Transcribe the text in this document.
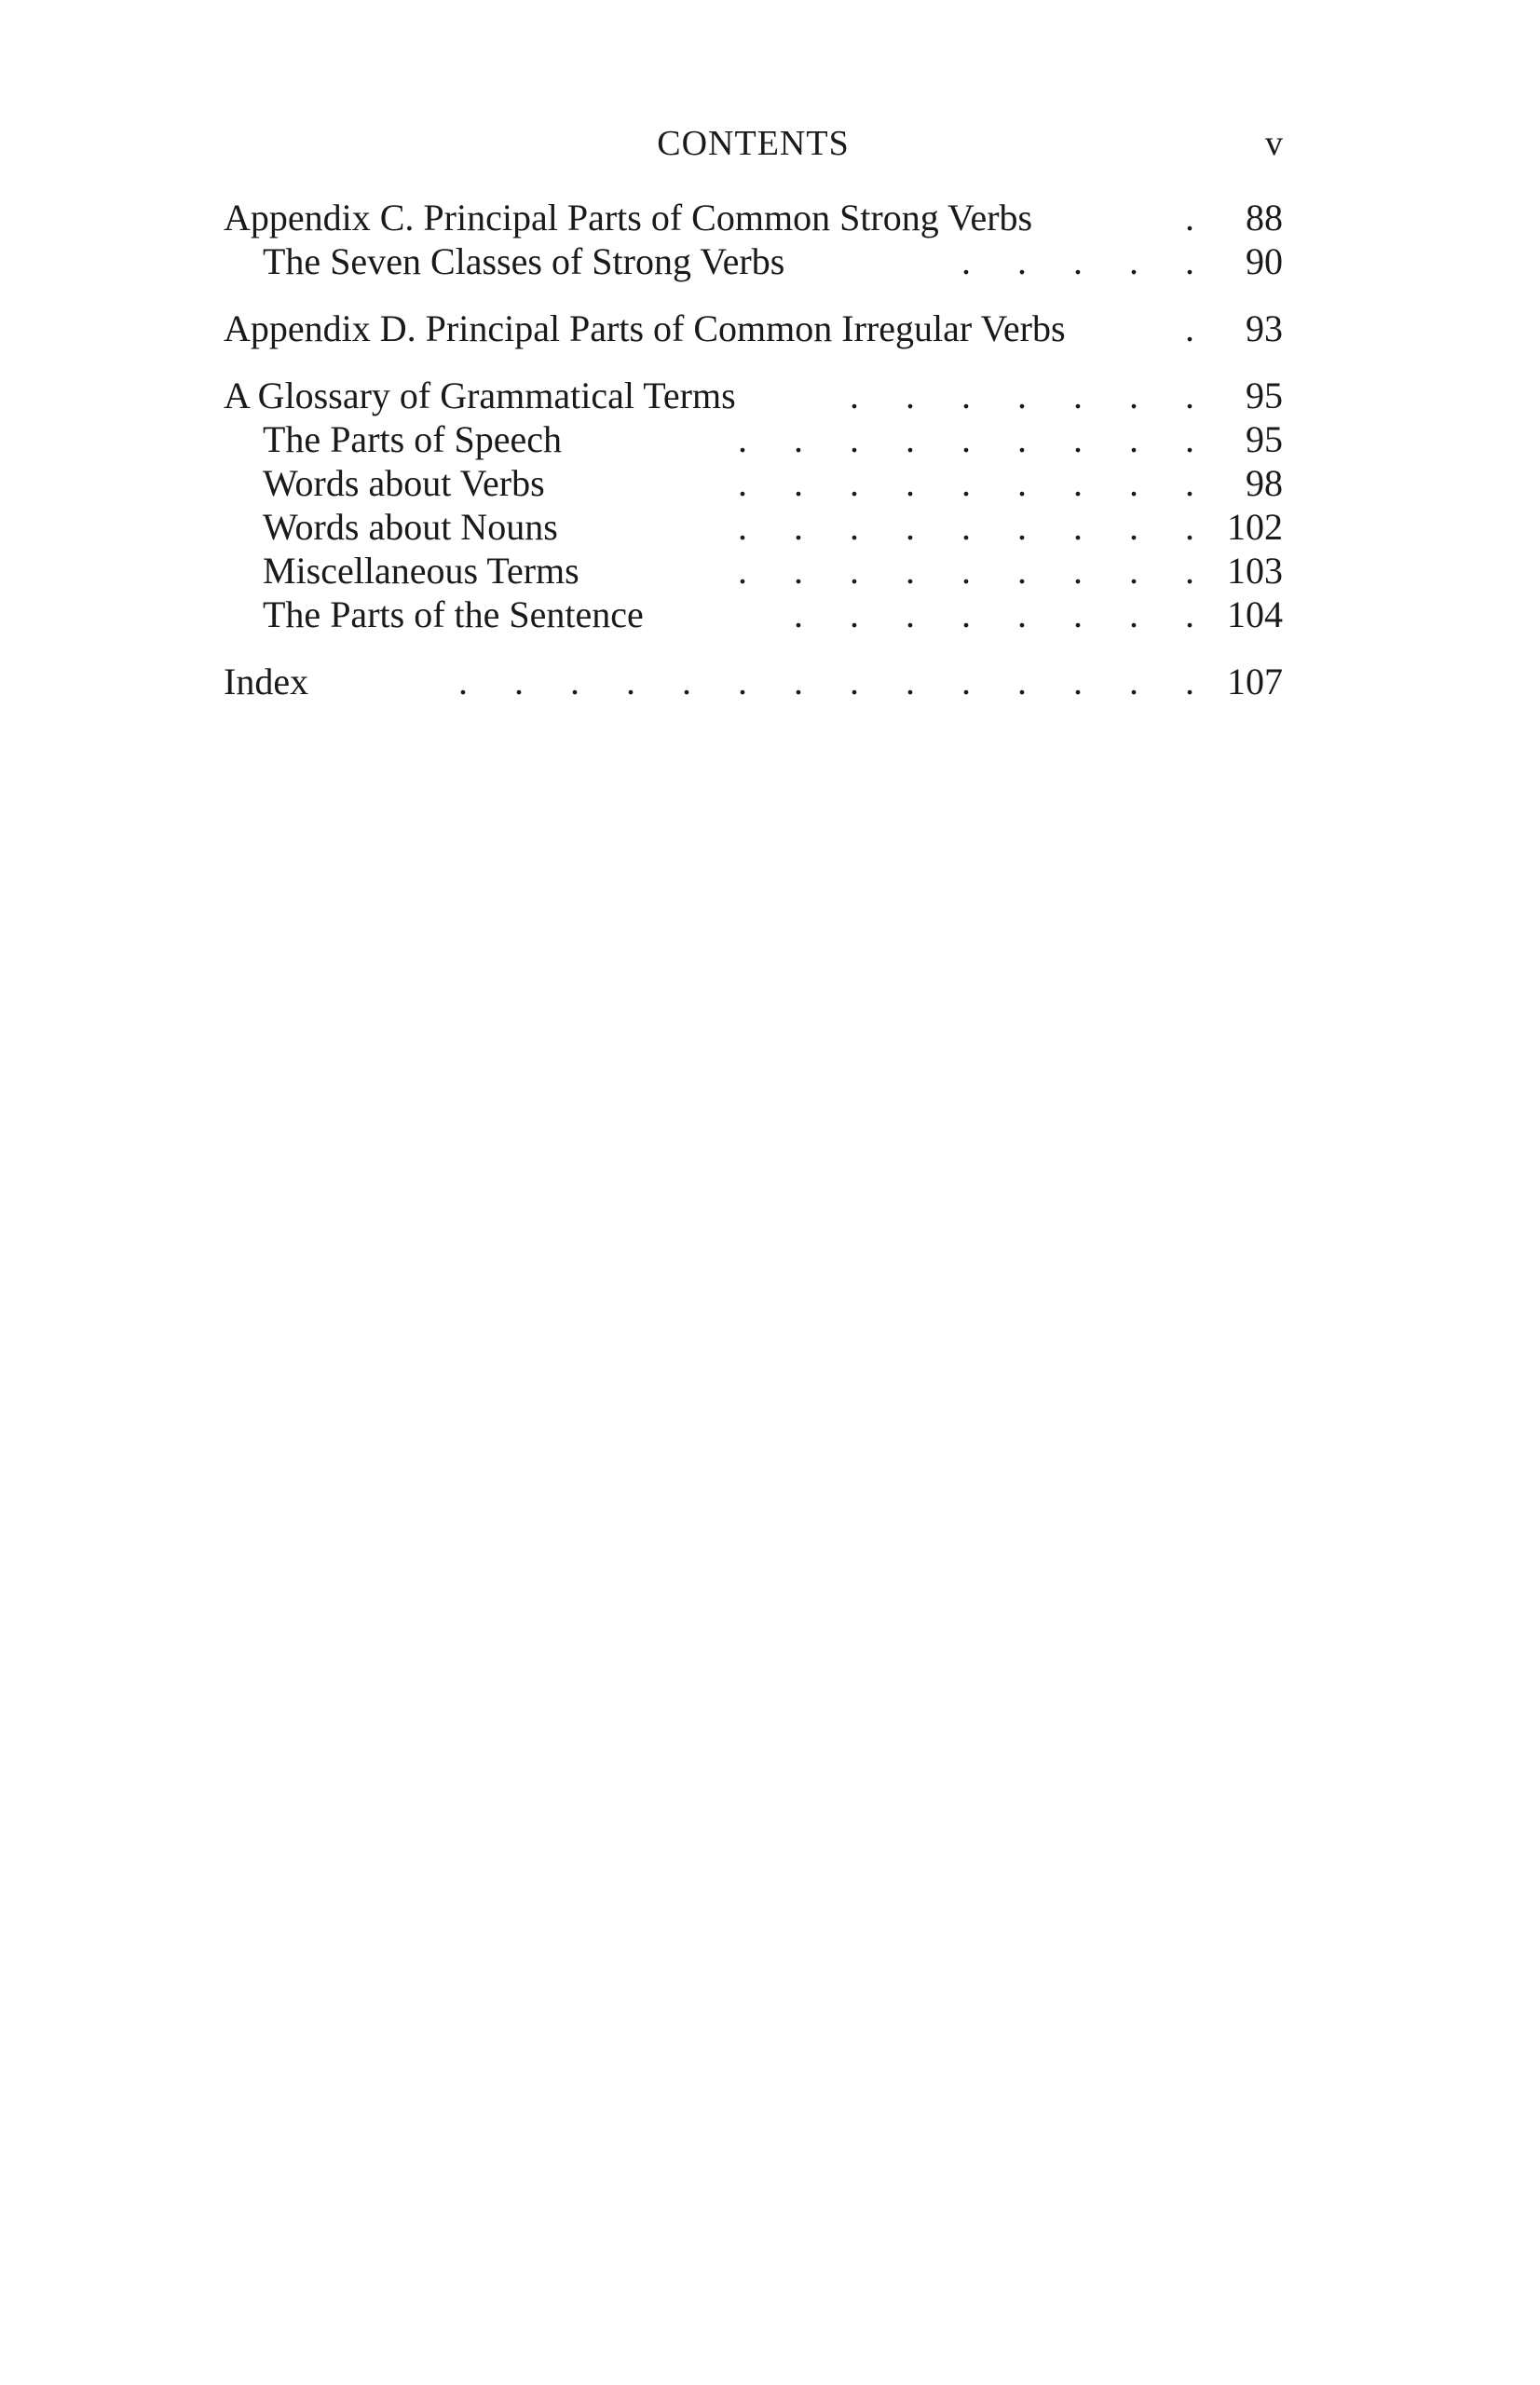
CONTENTS	v
Appendix C. Principal Parts of Common Strong Verbs	.	88
The Seven Classes of Strong Verbs	.     .     .     .     .	90
Appendix D. Principal Parts of Common Irregular Verbs	.	93
A Glossary of Grammatical Terms	.     .     .     .     .     .     .	95
The Parts of Speech	.     .     .     .     .     .     .     .     .	95
Words about Verbs	.     .     .     .     .     .     .     .     .	98
Words about Nouns	.     .     .     .     .     .     .     .     . 102
Miscellaneous Terms	.     .     .     .     .     .     .     .     . 103
The Parts of the Sentence	.     .     .     .     .     .     .     . 104
Index	.     .     .     .     .     .     .     .     .     .     .     .     .     . 107
